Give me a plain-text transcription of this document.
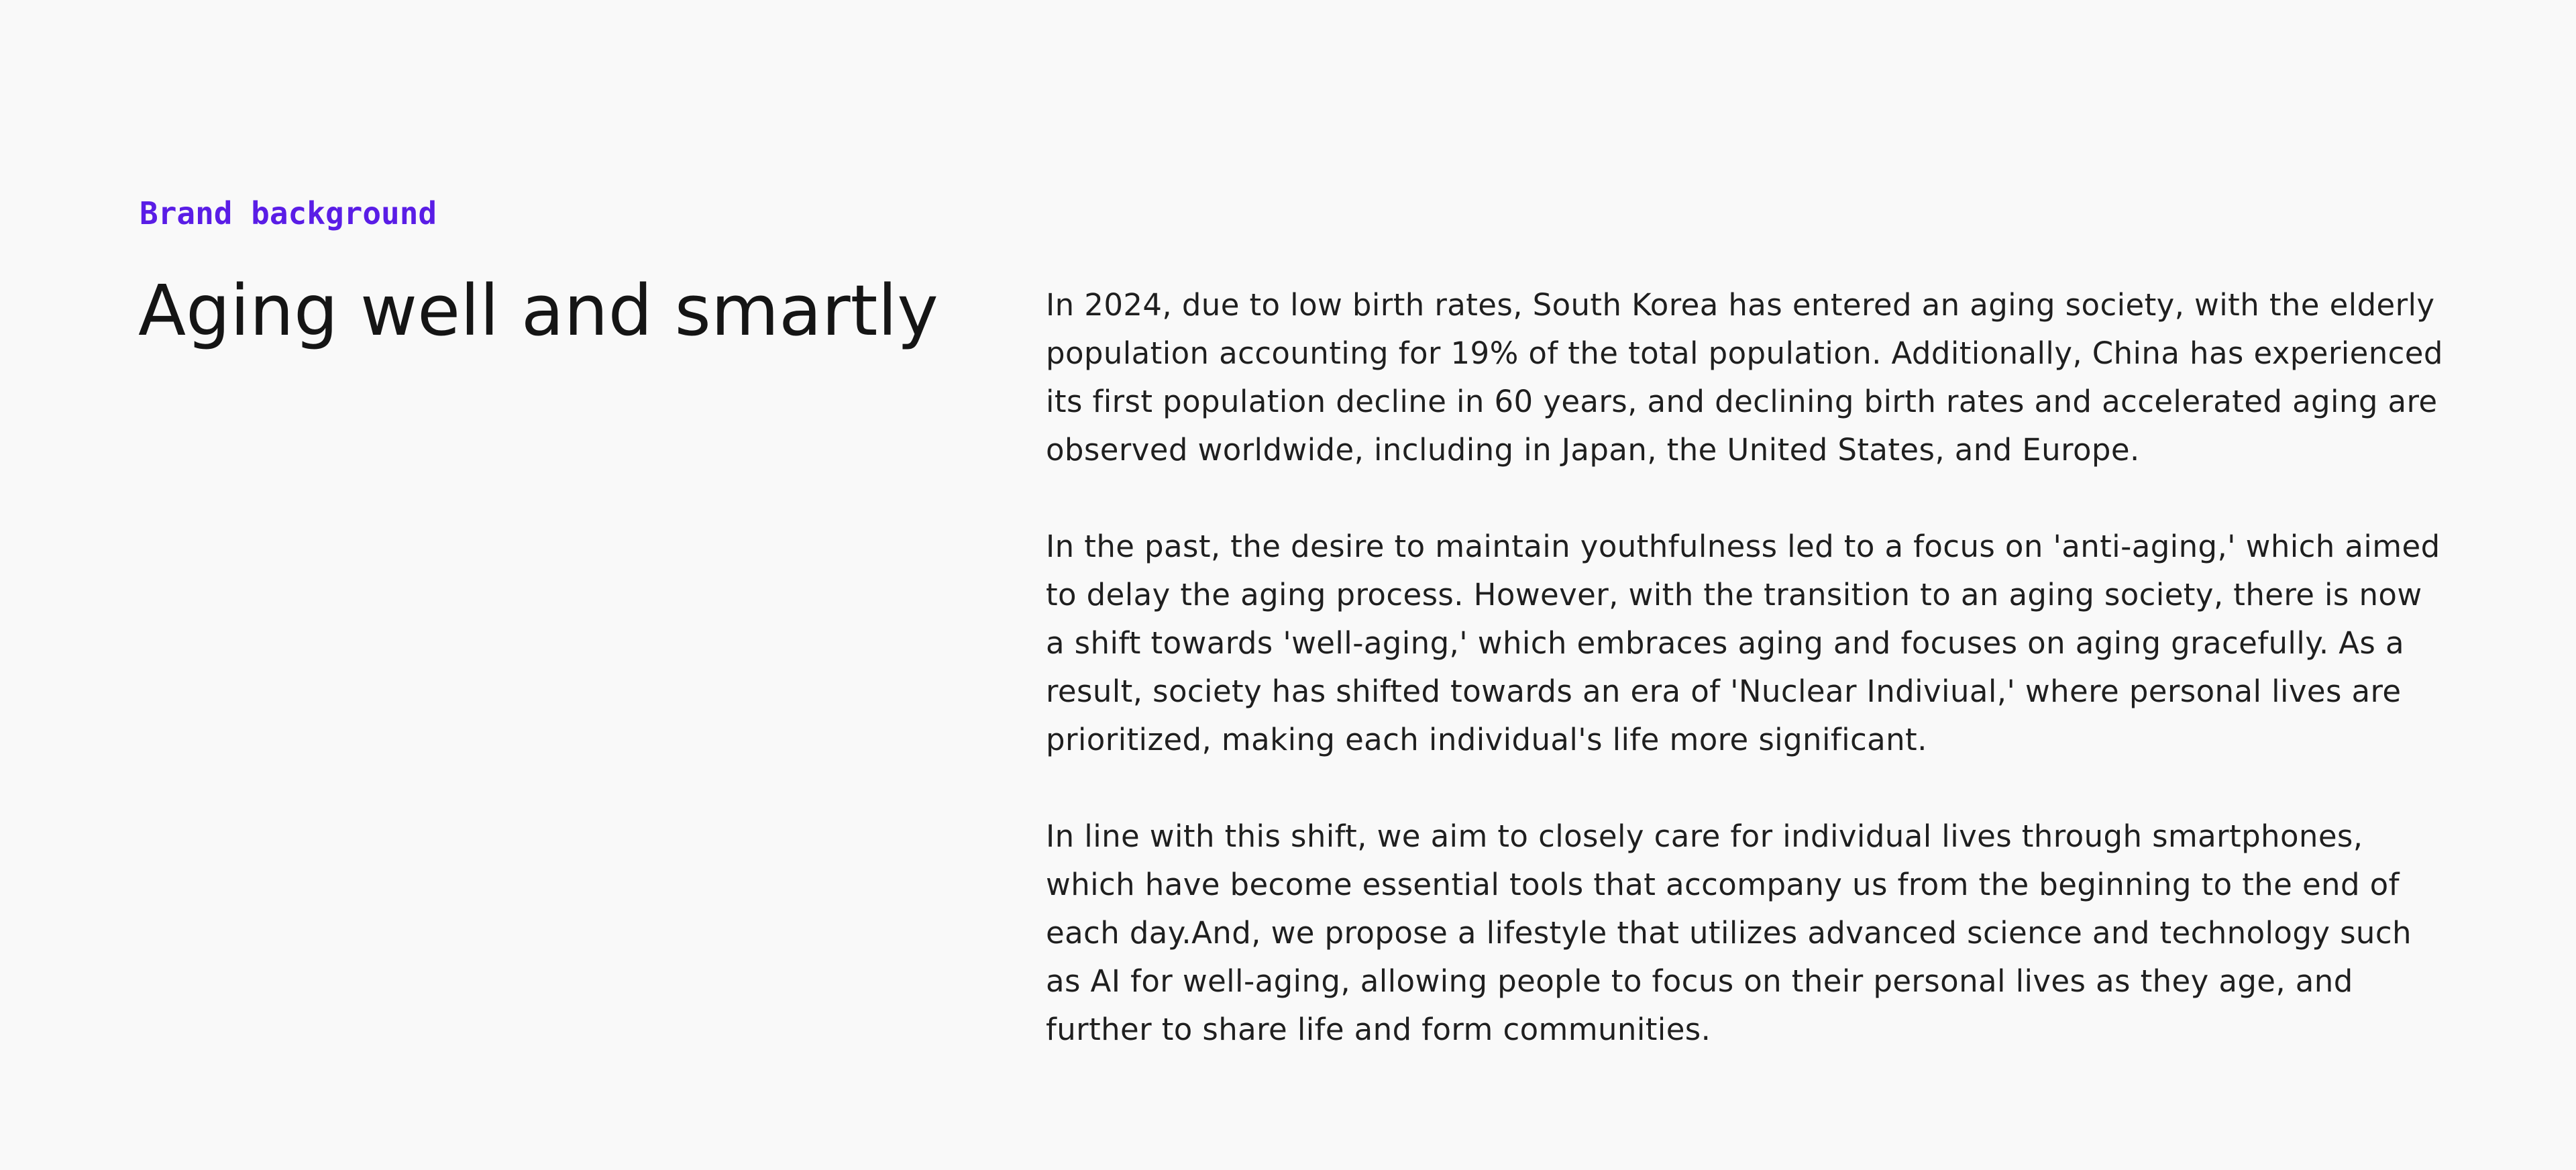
Brand background
Aging well and smartly	In 2024, due to low birth rates, South Korea has entered an aging society, with the elderly population accounting for 19% of the total population. Additionally, China has experienced its first population decline in 60 years, and declining birth rates and accelerated aging are observed worldwide, including in Japan, the United States, and Europe.

In the past, the desire to maintain youthfulness led to a focus on 'anti-aging,' which aimed to delay the aging process. However, with the transition to an aging society, there is now a shift towards 'well-aging,' which embraces aging and focuses on aging gracefully. As a result, society has shifted towards an era of 'Nuclear Indiviual,' where personal lives are prioritized, making each individual's life more significant.

In line with this shift, we aim to closely care for individual lives through smartphones, which have become essential tools that accompany us from the beginning to the end of each day.And, we propose a lifestyle that utilizes advanced science and technology such as AI for well-aging, allowing people to focus on their personal lives as they age, and further to share life and form communities.
